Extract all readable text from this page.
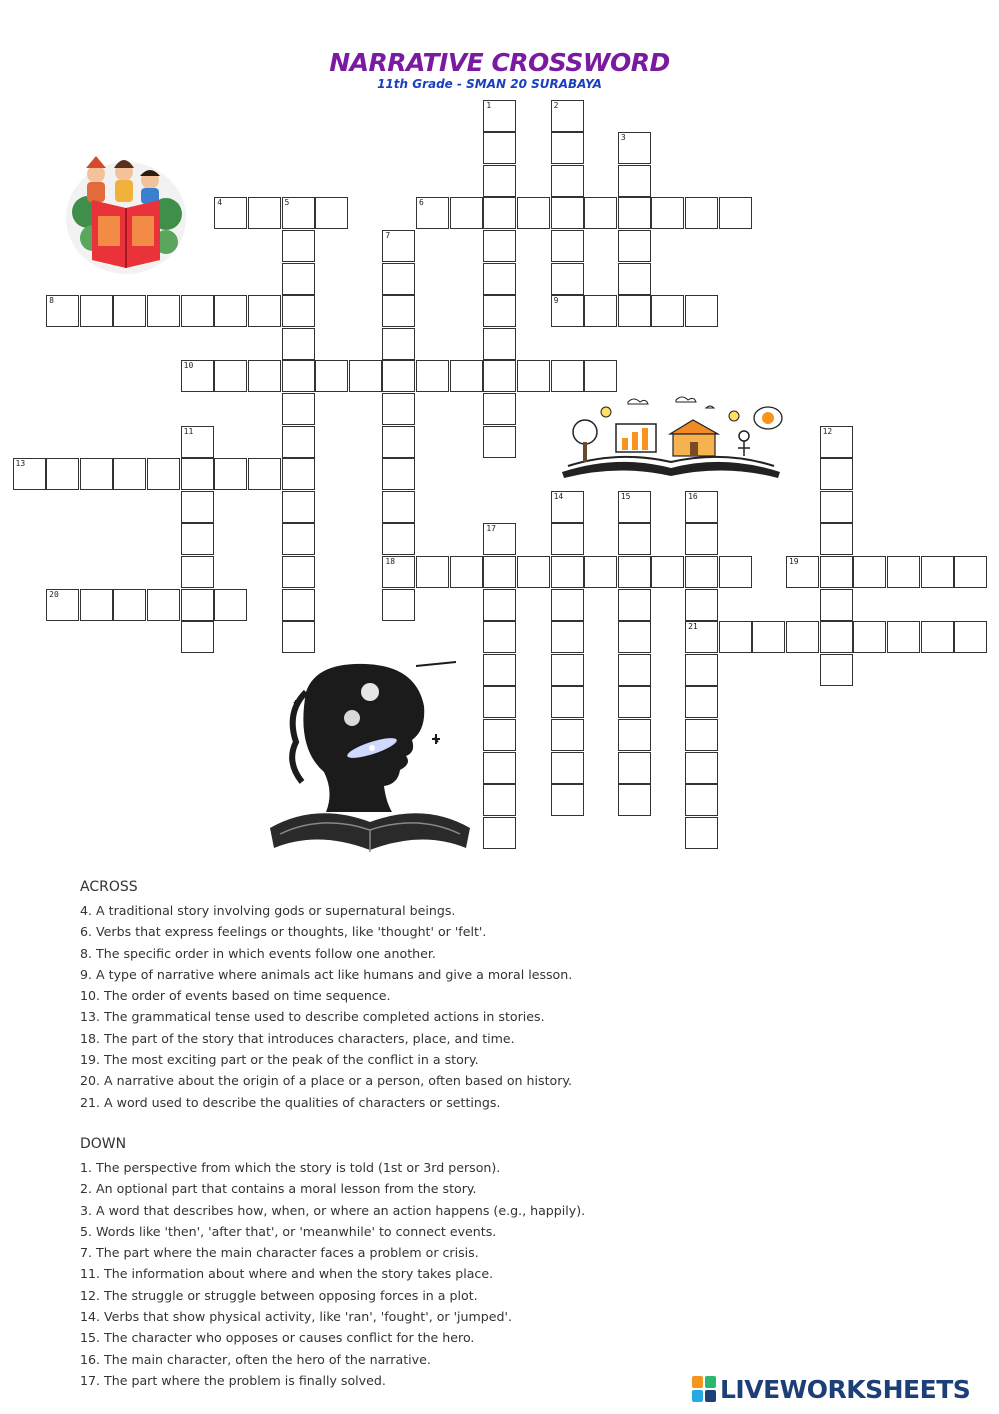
NARRATIVE CROSSWORD
11th Grade - SMAN 20 SURABAYA
4	5	6
8	9
10
13
18	19
20
21
1	2
3
7
11	12
14	15	16
17
ACROSS
4. A traditional story involving gods or supernatural beings.
6. Verbs that express feelings or thoughts, like 'thought' or 'felt'.
8. The specific order in which events follow one another.
9. A type of narrative where animals act like humans and give a moral lesson.
10. The order of events based on time sequence.
13. The grammatical tense used to describe completed actions in stories.
18. The part of the story that introduces characters, place, and time.
19. The most exciting part or the peak of the conflict in a story.
20. A narrative about the origin of a place or a person, often based on history.
21. A word used to describe the qualities of characters or settings.
DOWN
1. The perspective from which the story is told (1st or 3rd person).
2. An optional part that contains a moral lesson from the story.
3. A word that describes how, when, or where an action happens (e.g., happily).
5. Words like 'then', 'after that', or 'meanwhile' to connect events.
7. The part where the main character faces a problem or crisis.
11. The information about where and when the story takes place.
12. The struggle or struggle between opposing forces in a plot.
14. Verbs that show physical activity, like 'ran', 'fought', or 'jumped'.
15. The character who opposes or causes conflict for the hero.
16. The main character, often the hero of the narrative.
17. The part where the problem is finally solved.	LIVEWORKSHEETS
